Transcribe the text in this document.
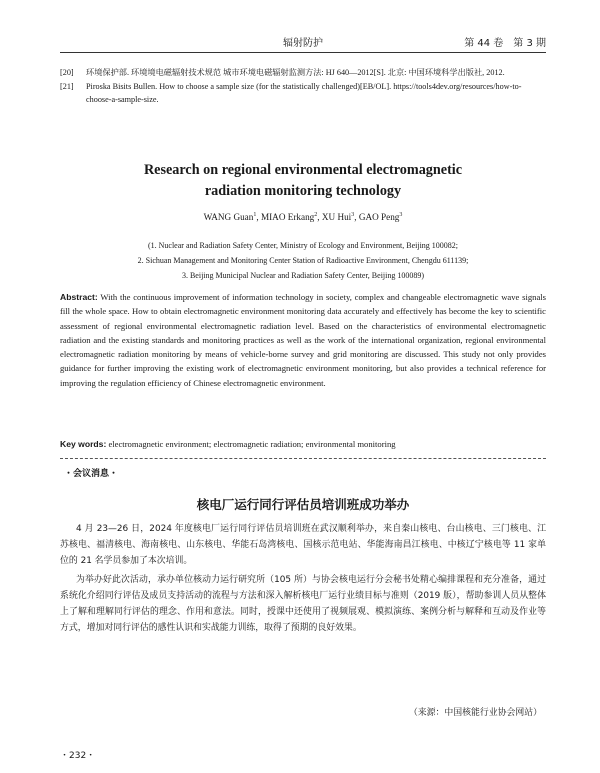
辐射防护	第 44 卷　第 3 期
[20]	环境保护部. 环境境电磁辐射技术规范 城市环境电磁辐射监测方法: HJ 640—2012[S]. 北京: 中国环境科学出版社, 2012.
[21]	Piroska Bisits Bullen. How to choose a sample size (for the statistically challenged)[EB/OL]. https://tools4dev.org/resources/how-to-choose-a-sample-size.
Research on regional environmental electromagnetic
radiation monitoring technology
WANG Guan$^1$, MIAO Erkang$^2$, XU Hui$^3$, GAO Peng$^3$
(1. Nuclear and Radiation Safety Center, Ministry of Ecology and Environment, Beijing 100082;
2. Sichuan Management and Monitoring Center Station of Radioactive Environment, Chengdu 611139;
3. Beijing Municipal Nuclear and Radiation Safety Center, Beijing 100089)
Abstract: With the continuous improvement of information technology in society, complex and changeable electromagnetic wave signals fill the whole space. How to obtain electromagnetic environment monitoring data accurately and effectively has become the key to scientific assessment of regional environmental electromagnetic radiation level. Based on the characteristics of environmental electromagnetic radiation and the existing standards and monitoring practices as well as the work of the international organization, regional environmental electromagnetic radiation monitoring by means of vehicle-borne survey and grid monitoring are discussed. This study not only provides guidance for further improving the existing work of electromagnetic environment monitoring, but also provides a technical reference for improving the regulation efficiency of Chinese electromagnetic environment.
Key words: electromagnetic environment; electromagnetic radiation; environmental monitoring
・会议消息・
核电厂运行同行评估员培训班成功举办

4 月 23—26 日，2024 年度核电厂运行同行评估员培训班在武汉顺利举办，来自秦山核电、台山核电、三门核电、江苏核电、福清核电、海南核电、山东核电、华能石岛湾核电、国核示范电站、华能海南昌江核电、中核辽宁核电等 11 家单位的 21 名学员参加了本次培训。

为举办好此次活动，承办单位核动力运行研究所（105 所）与协会核电运行分会秘书处精心编排课程和充分准备，通过系统化介绍同行评估及成员支持活动的流程与方法和深入解析核电厂运行业绩目标与准则（2019 版），帮助参训人员从整体上了解和理解同行评估的理念、作用和意法。同时，授课中还使用了视频展观、模拟演练、案例分析与解释和互动及作业等方式，增加对同行评估的感性认识和实战能力训练，取得了预期的良好效果。

（来源：中国核能行业协会网站）
・232・
